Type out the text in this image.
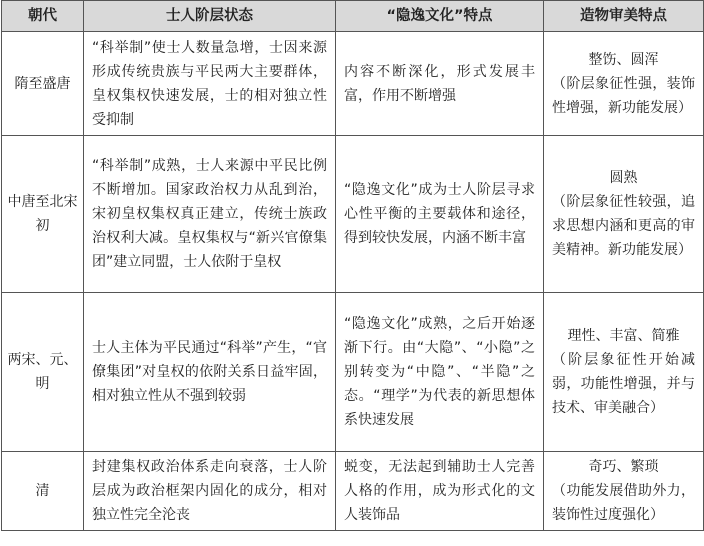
朝代	士人阶层状态	“隐逸文化”特点	造物审美特点
隋至盛唐	“科举制”使士人数量急增，士因来源形成传统贵族与平民两大主要群体，皇权集权快速发展，士的相对独立性受抑制	内容不断深化，形式发展丰富，作用不断增强	整饬、圆浑
（阶层象征性强，装饰性增强，新功能发展）

中唐至北宋初	“科举制”成熟，士人来源中平民比例不断增加。国家政治权力从乱到治，宋初皇权集权真正建立，传统士族政治权利大减。皇权集权与“新兴官僚集团”建立同盟，士人依附于皇权	“隐逸文化”成为士人阶层寻求心性平衡的主要载体和途径，得到较快发展，内涵不断丰富	圆熟
（阶层象征性较强，追求思想内涵和更高的审美精神。新功能发展）

两宋、元、明	士人主体为平民通过“科举”产生，“官僚集团”对皇权的依附关系日益牢固，相对独立性从不强到较弱	“隐逸文化”成熟，之后开始逐渐下行。由“大隐”、“小隐”之别转变为“中隐”、“半隐”之态。“理学”为代表的新思想体系快速发展	理性、丰富、简雅
（阶层象征性开始减弱，功能性增强，并与技术、审美融合）

清	封建集权政治体系走向衰落，士人阶层成为政治框架内固化的成分，相对独立性完全沦丧	蜕变，无法起到辅助士人完善人格的作用，成为形式化的文人装饰品	奇巧、繁琐
（功能发展借助外力，装饰性过度强化）
